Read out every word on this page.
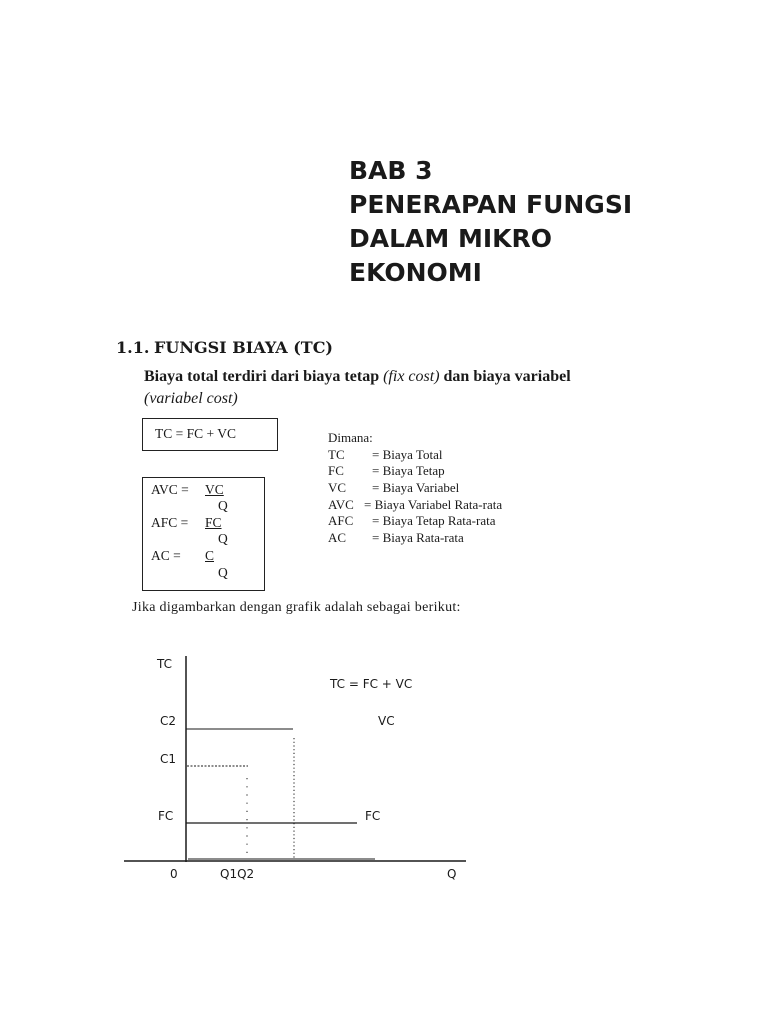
BAB 3
PENERAPAN FUNGSI
DALAM MIKRO
EKONOMI
1.1. FUNGSI BIAYA (TC)
Biaya total terdiri dari biaya tetap (fix cost) dan biaya variabel
(variabel cost)
TC = FC + VC
AVC = VC
Q
AFC = FC
Q
AC = C
Q
Dimana:
TC = Biaya Total
FC = Biaya Tetap
VC = Biaya Variabel
AVC = Biaya Variabel Rata-rata
AFC = Biaya Tetap Rata-rata
AC = Biaya Rata-rata
Jika digambarkan dengan grafik adalah sebagai berikut:
TC
TC = FC + VC
C2	VC
C1
FC	FC
0	Q1Q2	Q
